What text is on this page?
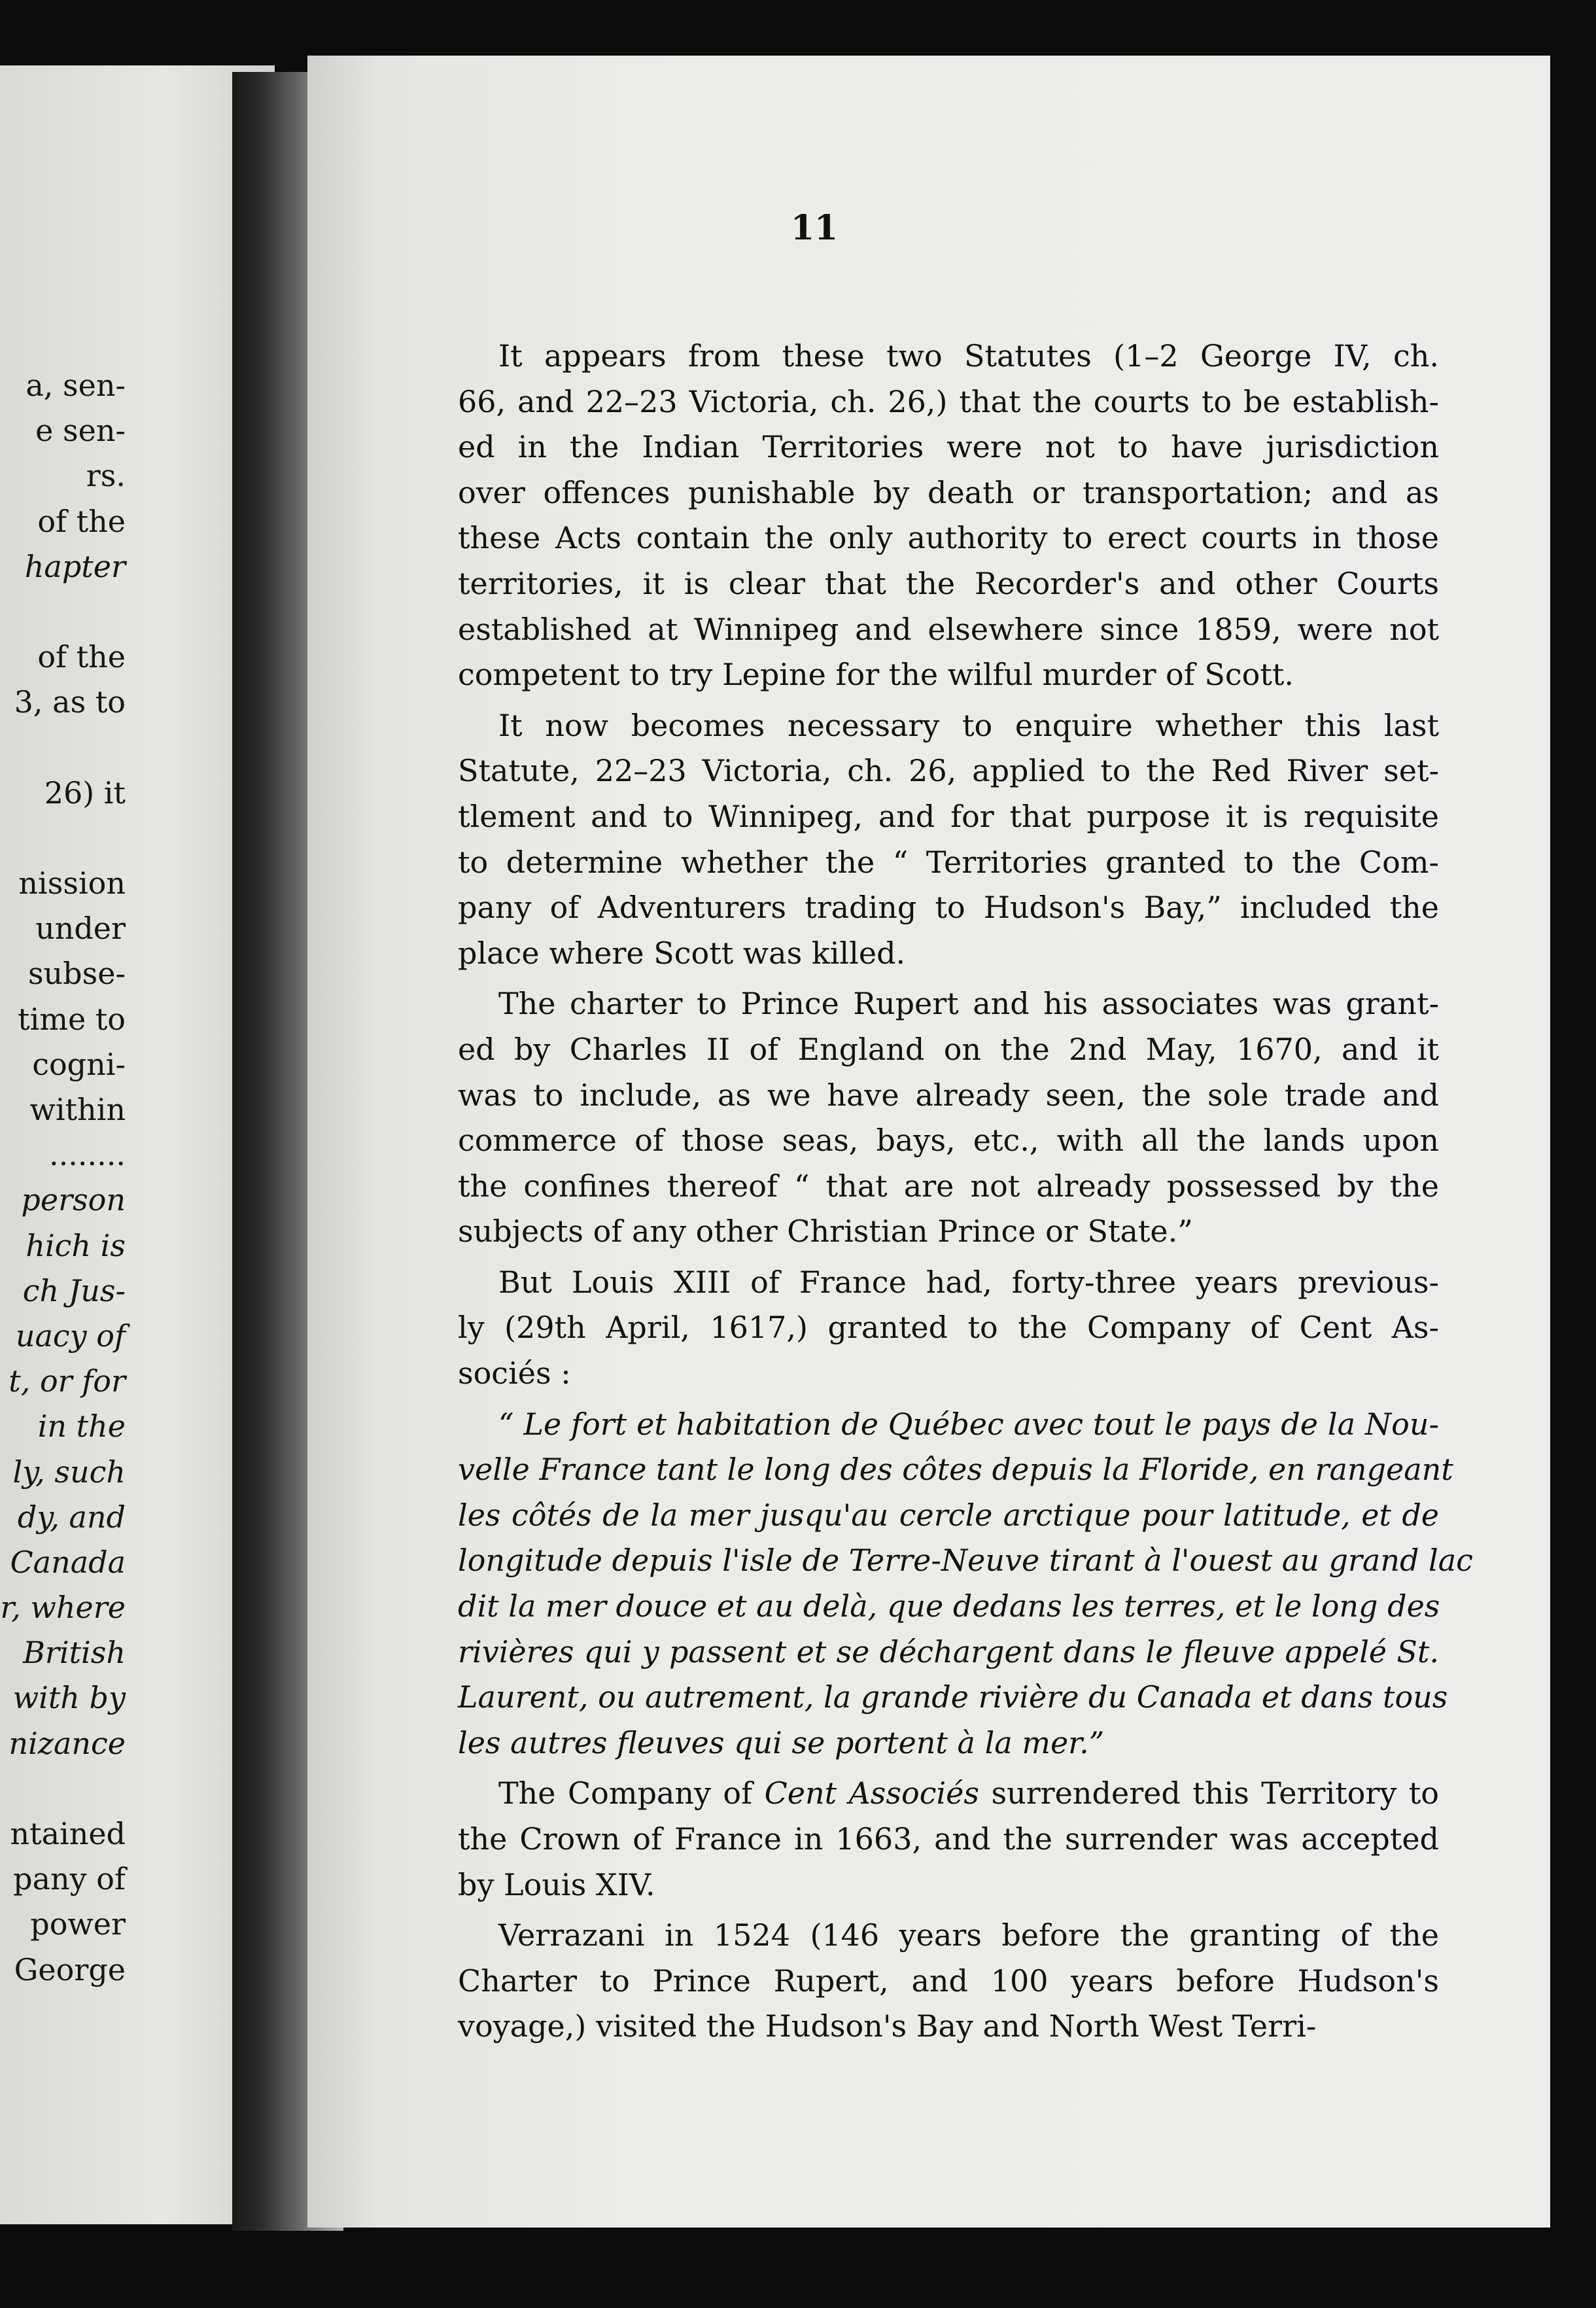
a, sen-
e sen-
rs.
of the
hapter
of the
3, as to
26) it
nission
under
subse-
time to
cogni-
within
........
person
hich is
ch Jus-
uacy of
t, or for
in the
ly, such
dy, and
Canada
r, where
British
with by
nizance
ntained
pany of
power
George
11

It appears from these two Statutes (1–2 George IV, ch.
66, and 22–23 Victoria, ch. 26,) that the courts to be establish-
ed in the Indian Territories were not to have jurisdiction
over offences punishable by death or transportation; and as
these Acts contain the only authority to erect courts in those
territories, it is clear that the Recorder's and other Courts
established at Winnipeg and elsewhere since 1859, were not
competent to try Lepine for the wilful murder of Scott.

It now becomes necessary to enquire whether this last
Statute, 22–23 Victoria, ch. 26, applied to the Red River set-
tlement and to Winnipeg, and for that purpose it is requisite
to determine whether the “ Territories granted to the Com-
pany of Adventurers trading to Hudson's Bay,” included the
place where Scott was killed.

The charter to Prince Rupert and his associates was grant-
ed by Charles II of England on the 2nd May, 1670, and it
was to include, as we have already seen, the sole trade and
commerce of those seas, bays, etc., with all the lands upon
the confines thereof “ that are not already possessed by the
subjects of any other Christian Prince or State.”

But Louis XIII of France had, forty-three years previous-
ly (29th April, 1617,) granted to the Company of Cent As-
sociés :

“ Le fort et habitation de Québec avec tout le pays de la Nou-
velle France tant le long des côtes depuis la Floride, en rangeant
les côtés de la mer jusqu'au cercle arctique pour latitude, et de
longitude depuis l'isle de Terre-Neuve tirant à l'ouest au grand lac
dit la mer douce et au delà, que dedans les terres, et le long des
rivières qui y passent et se déchargent dans le fleuve appelé St.
Laurent, ou autrement, la grande rivière du Canada et dans tous
les autres fleuves qui se portent à la mer.”

The Company of Cent Associés surrendered this Territory to
the Crown of France in 1663, and the surrender was accepted
by Louis XIV.

Verrazani in 1524 (146 years before the granting of the
Charter to Prince Rupert, and 100 years before Hudson's
voyage,) visited the Hudson's Bay and North West Terri-
